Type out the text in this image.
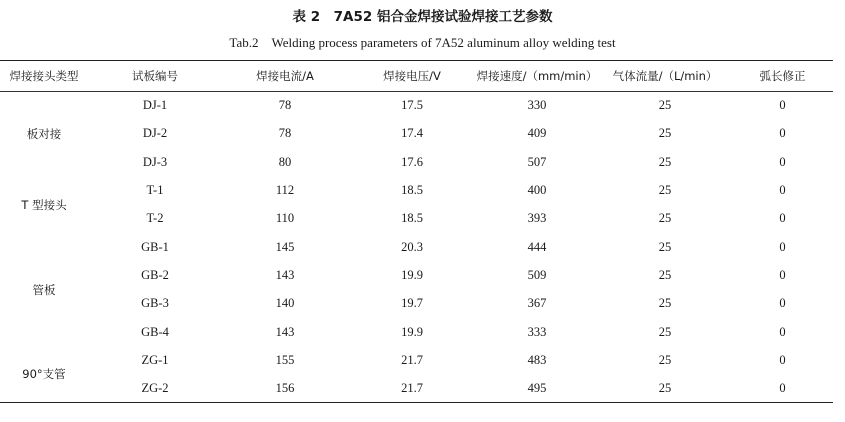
表 2　7A52 铝合金焊接试验焊接工艺参数
Tab.2　Welding process parameters of 7A52 aluminum alloy welding test
焊接接头类型	试板编号	焊接电流/A	焊接电压/V	焊接速度/（mm/min）	气体流量/（L/min）	弧长修正
板对接	DJ-1	78	17.5	330	25	0
	DJ-2	78	17.4	409	25	0
	DJ-3	80	17.6	507	25	0
T 型接头	T-1	112	18.5	400	25	0
	T-2	110	18.5	393	25	0
管板	GB-1	145	20.3	444	25	0
	GB-2	143	19.9	509	25	0
	GB-3	140	19.7	367	25	0
	GB-4	143	19.9	333	25	0
90°支管	ZG-1	155	21.7	483	25	0
	ZG-2	156	21.7	495	25	0
